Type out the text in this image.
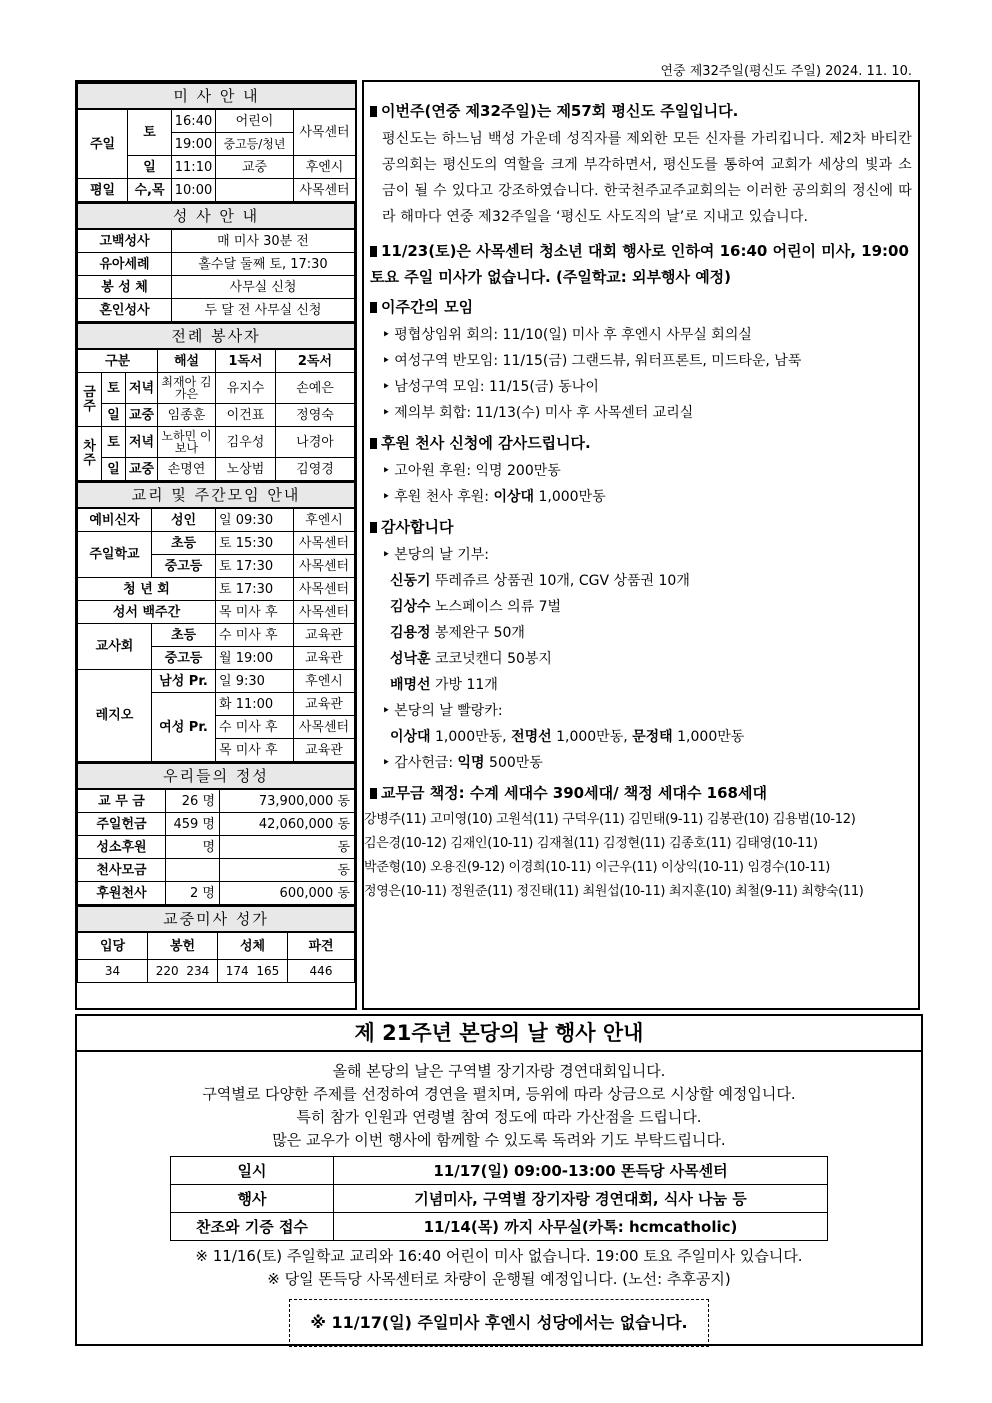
연중 제32주일(평신도 주일) 2024. 11. 10.
미 사 안 내				
주일	토	16:40	어린이	사목센터
		19:00	중고등/청년	
	일	11:10	교중	후엔시
평일	수,목	10:00		사목센터
성 사 안 내	
고백성사	매 미사 30분 전
유아세례	홀수달 둘째 토, 17:30
봉 성 체	사무실 신청
혼인성사	두 달 전 사무실 신청
전례 봉사자					
구분			해설	1독서	2독서
금주	토	저녁	최재아 김가은	유지수	손예은
	일	교중	임종훈	이건표	정영숙
차주	토	저녁	노하민 이보나	김우성	나경아
	일	교중	손명연	노상범	김영경
교리 및 주간모임 안내			
예비신자	성인	일 09:30	후엔시
주일학교	초등	토 15:30	사목센터
	중고등	토 17:30	사목센터
청 년 회		토 17:30	사목센터
성서 백주간		목 미사 후	사목센터
교사회	초등	수 미사 후	교육관
	중고등	월 19:00	교육관
레지오	남성 Pr.	일 9:30	후엔시
	여성 Pr.	화 11:00	교육관
		수 미사 후	사목센터
		목 미사 후	교육관
우리들의 정성		
교 무 금	26 명	73,900,000 동
주일헌금	459 명	42,060,000 동
성소후원	명	동
천사모금		동
후원천사	2 명	600,000 동
교중미사 성가			
입당	봉헌	성체	파견
34	220 234	174 165	446
이번주(연중 제32주일)는 제57회 평신도 주일입니다.
평신도는 하느님 백성 가운데 성직자를 제외한 모든 신자를 가리킵니다. 제2차 바티칸 공의회는 평신도의 역할을 크게 부각하면서, 평신도를 통하여 교회가 세상의 빛과 소금이 될 수 있다고 강조하였습니다. 한국천주교주교회의는 이러한 공의회의 정신에 따라 해마다 연중 제32주일을 ‘평신도 사도직의 날’로 지내고 있습니다.
11/23(토)은 사목센터 청소년 대회 행사로 인하여 16:40 어린이 미사, 19:00 토요 주일 미사가 없습니다. (주일학교: 외부행사 예정)
이주간의 모임
‣ 평협상임위 회의: 11/10(일) 미사 후 후엔시 사무실 회의실
‣ 여성구역 반모임: 11/15(금) 그랜드뷰, 워터프론트, 미드타운, 남푹
‣ 남성구역 모임: 11/15(금) 동나이
‣ 제의부 회합: 11/13(수) 미사 후 사목센터 교리실
후원 천사 신청에 감사드립니다.
‣ 고아원 후원: 익명 200만동
‣ 후원 천사 후원: 이상대 1,000만동
감사합니다
‣ 본당의 날 기부:
신동기 뚜레쥬르 상품권 10개, CGV 상품권 10개
김상수 노스페이스 의류 7벌
김용정 봉제완구 50개
성낙훈 코코넛캔디 50봉지
배명선 가방 11개
‣ 본당의 날 빨랑카:
이상대 1,000만동, 전명선 1,000만동, 문정태 1,000만동
‣ 감사헌금: 익명 500만동
교무금 책정: 수계 세대수 390세대/ 책정 세대수 168세대
강병주(11) 고미영(10) 고원석(11) 구덕우(11) 김민태(9-11) 김봉관(10) 김용범(10-12)
김은경(10-12) 김재인(10-11) 김재철(11) 김정현(11) 김종호(11) 김태영(10-11)
박준형(10) 오용진(9-12) 이경희(10-11) 이근우(11) 이상익(10-11) 임경수(10-11)
정영은(10-11) 정원준(11) 정진태(11) 최원섭(10-11) 최지훈(10) 최철(9-11) 최향숙(11)
제 21주년 본당의 날 행사 안내
올해 본당의 날은 구역별 장기자랑 경연대회입니다.
구역별로 다양한 주제를 선정하여 경연을 펼치며, 등위에 따라 상금으로 시상할 예정입니다.
특히 참가 인원과 연령별 참여 정도에 따라 가산점을 드립니다.
많은 교우가 이번 행사에 함께할 수 있도록 독려와 기도 부탁드립니다.
일시	11/17(일) 09:00-13:00 똔득당 사목센터
행사	기념미사, 구역별 장기자랑 경연대회, 식사 나눔 등
찬조와 기증 접수	11/14(목) 까지 사무실(카톡: hcmcatholic)
※ 11/16(토) 주일학교 교리와 16:40 어린이 미사 없습니다. 19:00 토요 주일미사 있습니다.
※ 당일 똔득당 사목센터로 차량이 운행될 예정입니다. (노선: 추후공지)
※ 11/17(일) 주일미사 후엔시 성당에서는 없습니다.
